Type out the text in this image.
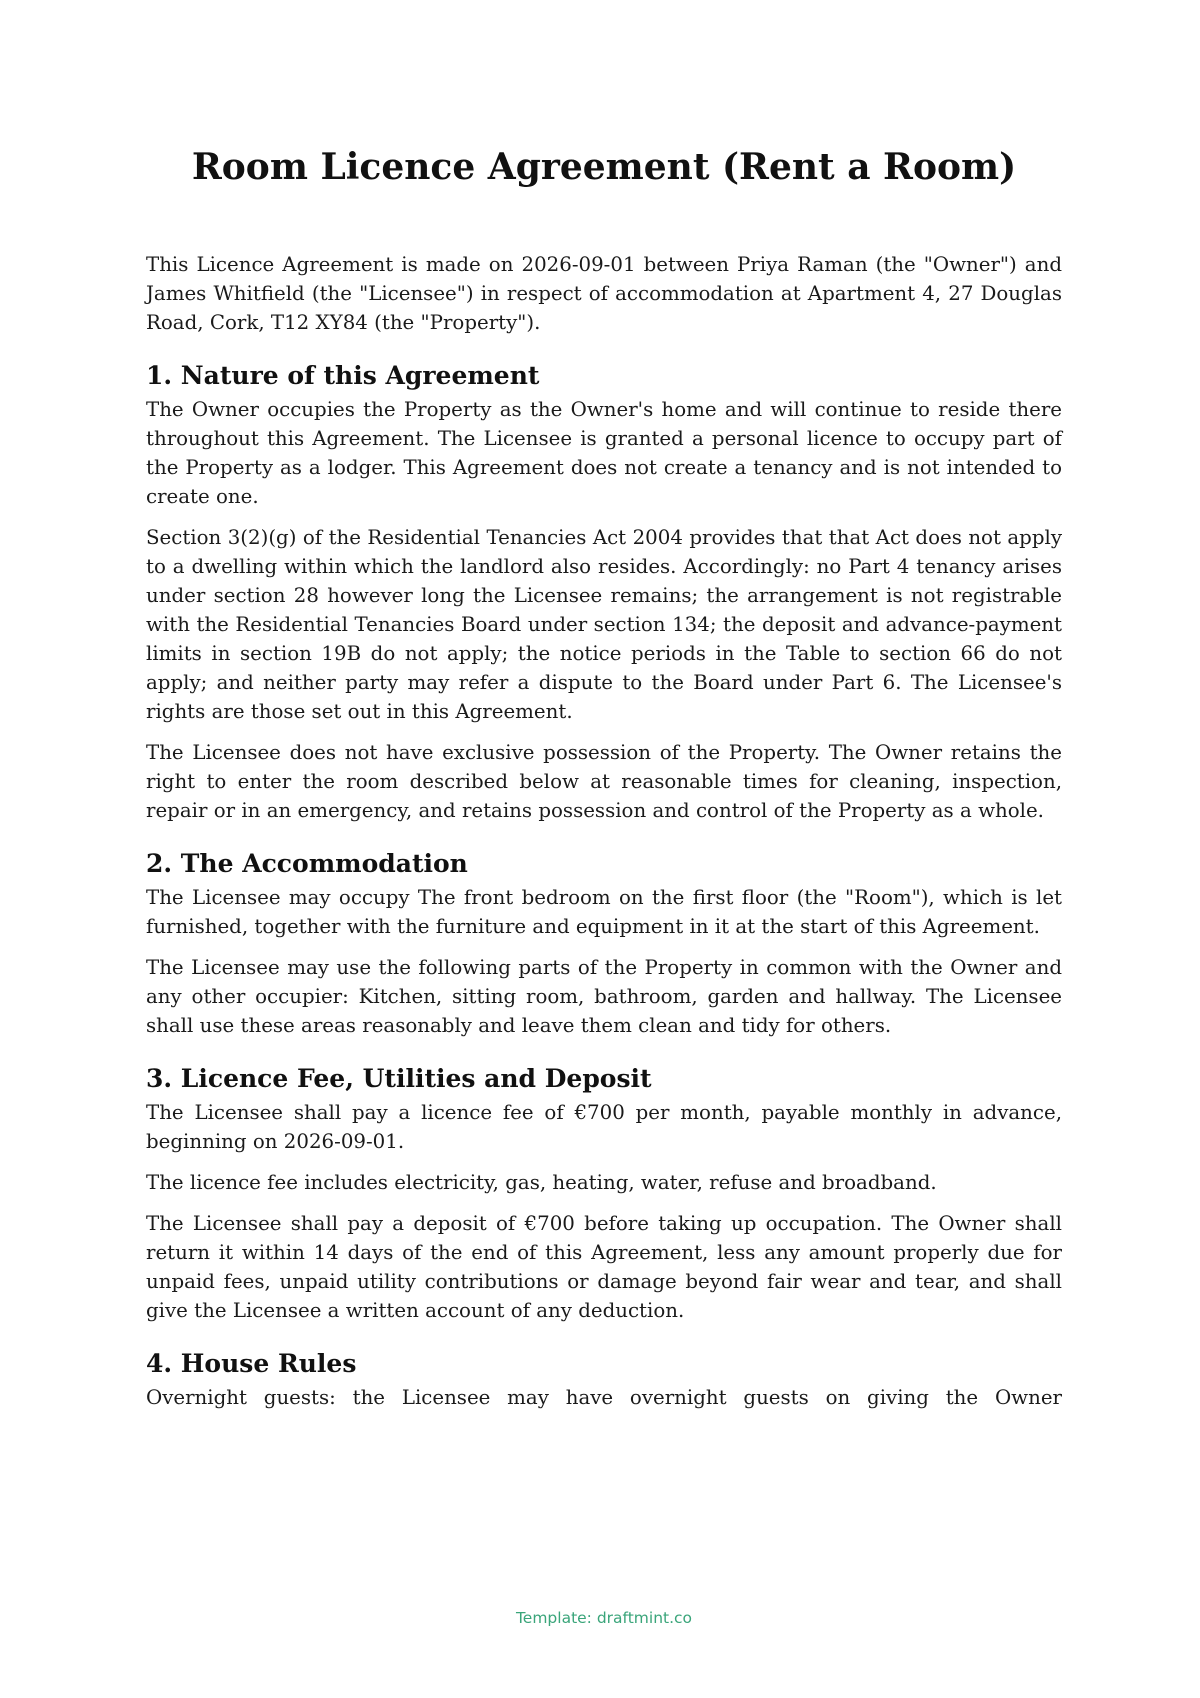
Room Licence Agreement (Rent a Room)

This Licence Agreement is made on 2026-09-01 between Priya Raman (the "Owner") and James Whitfield (the "Licensee") in respect of accommodation at Apartment 4, 27 Douglas Road, Cork, T12 XY84 (the "Property").

1. Nature of this Agreement

The Owner occupies the Property as the Owner's home and will continue to reside there throughout this Agreement. The Licensee is granted a personal licence to occupy part of the Property as a lodger. This Agreement does not create a tenancy and is not intended to create one.

Section 3(2)(g) of the Residential Tenancies Act 2004 provides that that Act does not apply to a dwelling within which the landlord also resides. Accordingly: no Part 4 tenancy arises under section 28 however long the Licensee remains; the arrangement is not registrable with the Residential Tenancies Board under section 134; the deposit and advance-payment limits in section 19B do not apply; the notice periods in the Table to section 66 do not apply; and neither party may refer a dispute to the Board under Part 6. The Licensee's rights are those set out in this Agreement.

The Licensee does not have exclusive possession of the Property. The Owner retains the right to enter the room described below at reasonable times for cleaning, inspection, repair or in an emergency, and retains possession and control of the Property as a whole.

2. The Accommodation

The Licensee may occupy The front bedroom on the first floor (the "Room"), which is let furnished, together with the furniture and equipment in it at the start of this Agreement.

The Licensee may use the following parts of the Property in common with the Owner and any other occupier: Kitchen, sitting room, bathroom, garden and hallway. The Licensee shall use these areas reasonably and leave them clean and tidy for others.

3. Licence Fee, Utilities and Deposit

The Licensee shall pay a licence fee of €700 per month, payable monthly in advance, beginning on 2026-09-01.

The licence fee includes electricity, gas, heating, water, refuse and broadband.

The Licensee shall pay a deposit of €700 before taking up occupation. The Owner shall return it within 14 days of the end of this Agreement, less any amount properly due for unpaid fees, unpaid utility contributions or damage beyond fair wear and tear, and shall give the Licensee a written account of any deduction.

4. House Rules

Overnight guests: the Licensee may have overnight guests on giving the Owner

Template: draftmint.co
